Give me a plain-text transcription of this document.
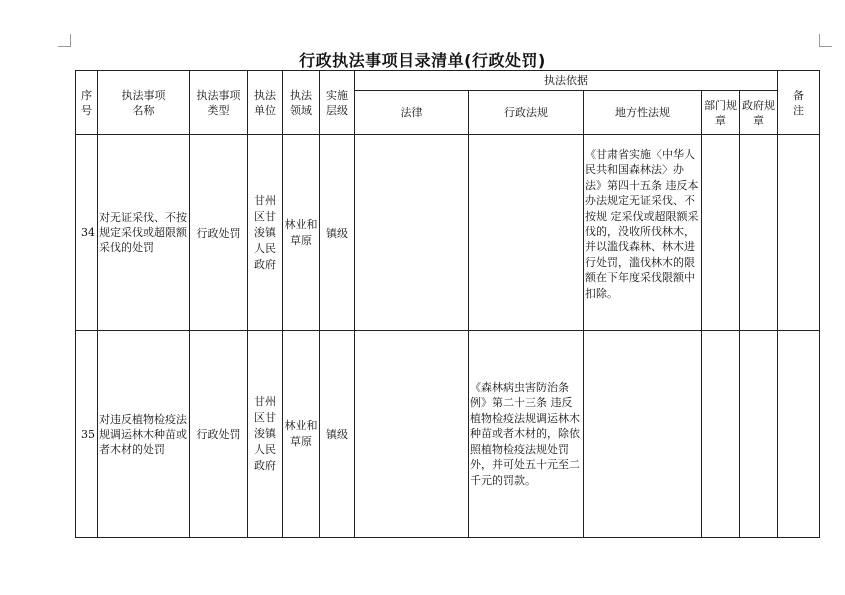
行政执法事项目录清单(行政处罚)
序号	执法事项名称	执法事项类型	执法单位	执法领域	实施层级	执法依据					备注
						法律	行政法规	地方性法规	部门规章	政府规章	
34	对无证采伐、不按规定采伐或超限额采伐的处罚	行政处罚	甘州区甘浚镇人民政府	林业和草原	镇级			《甘肃省实施〈中华人民共和国森林法〉办法》第四十五条 违反本办法规定无证采伐、不按规 定采伐或超限额采伐的，没收所伐林木，并以滥伐森林、林木进行处罚，滥伐林木的限额在下年度采伐限额中扣除。			
35	对违反植物检疫法规调运林木种苗或者木材的处罚	行政处罚	甘州区甘浚镇人民政府	林业和草原	镇级		《森林病虫害防治条例》第二十三条 违反植物检疫法规调运林木种苗或者木材的，除依照植物检疫法规处罚外，并可处五十元至二千元的罚款。				
